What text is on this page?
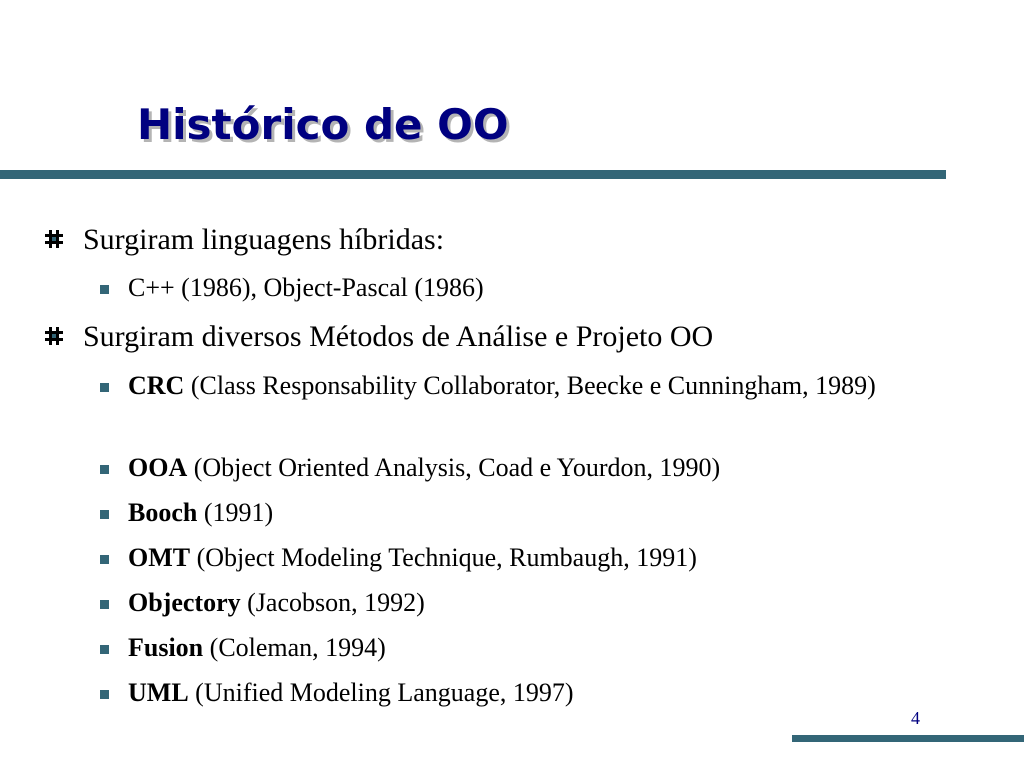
Histórico de OO
Surgiram linguagens híbridas:
C++ (1986), Object-Pascal (1986)
Surgiram diversos Métodos de Análise e Projeto OO
CRC (Class Responsability Collaborator, Beecke e Cunningham, 1989)
OOA (Object Oriented Analysis, Coad e Yourdon, 1990)
Booch (1991)
OMT (Object Modeling Technique, Rumbaugh, 1991)
Objectory (Jacobson, 1992)
Fusion (Coleman, 1994)
UML (Unified Modeling Language, 1997)
4
